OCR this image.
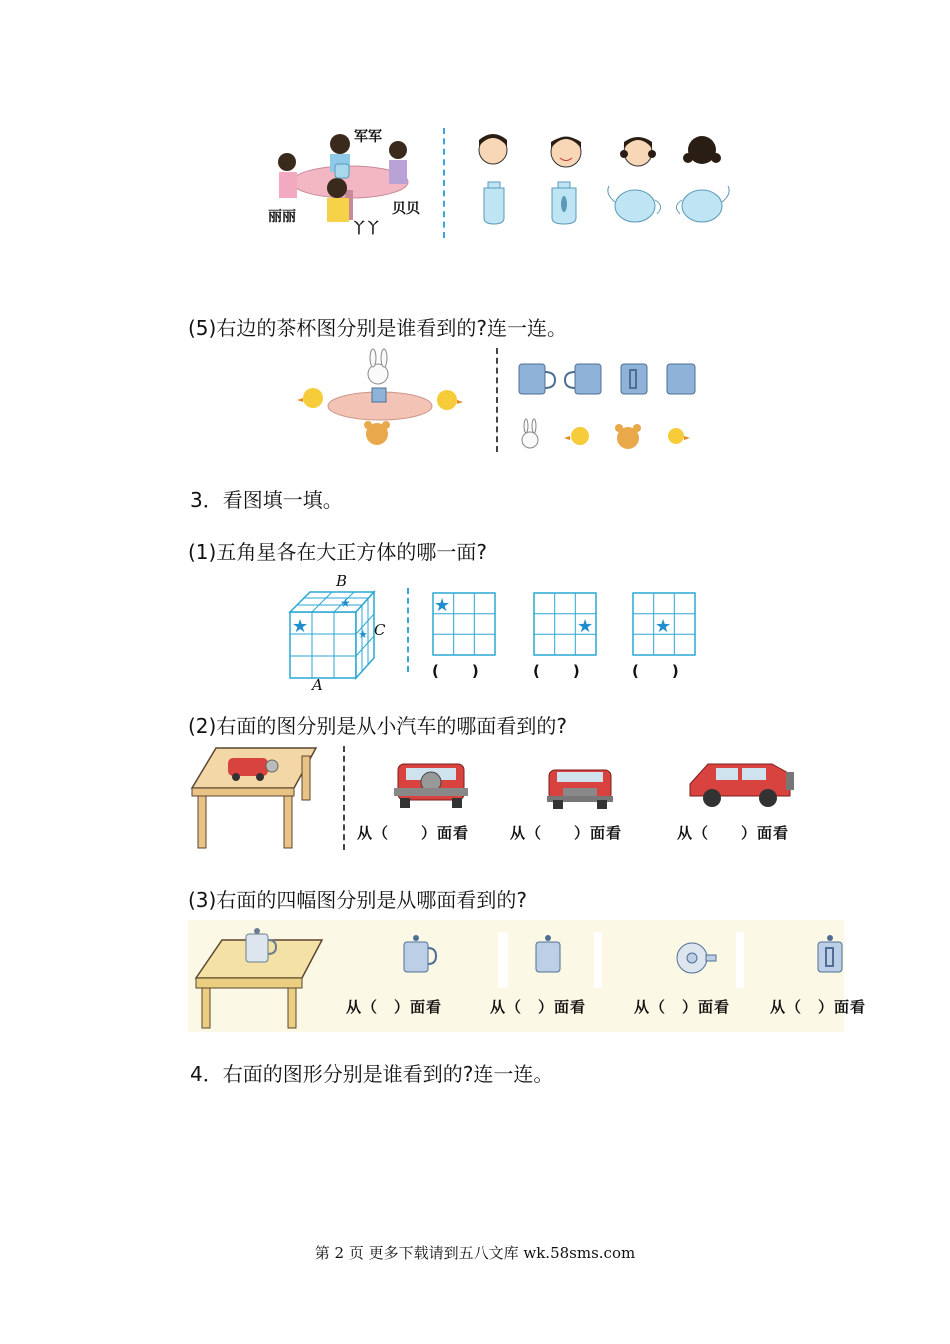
军军
丽丽	贝贝
丫丫
(5)右边的茶杯图分别是谁看到的?连一连。
3．看图填一填。
(1)五角星各在大正方体的哪一面?
★
★
★
B
C
A
★
★	★
(　　)	(　　)	(　　)
(2)右面的图分别是从小汽车的哪面看到的?
从（　　）面看	从（　　）面看	从（　　）面看
(3)右面的四幅图分别是从哪面看到的?
从（　）面看	从（　）面看	从（　）面看	从（　）面看
4．右面的图形分别是谁看到的?连一连。
第 2 页 更多下载请到五八文库 wk.58sms.com
